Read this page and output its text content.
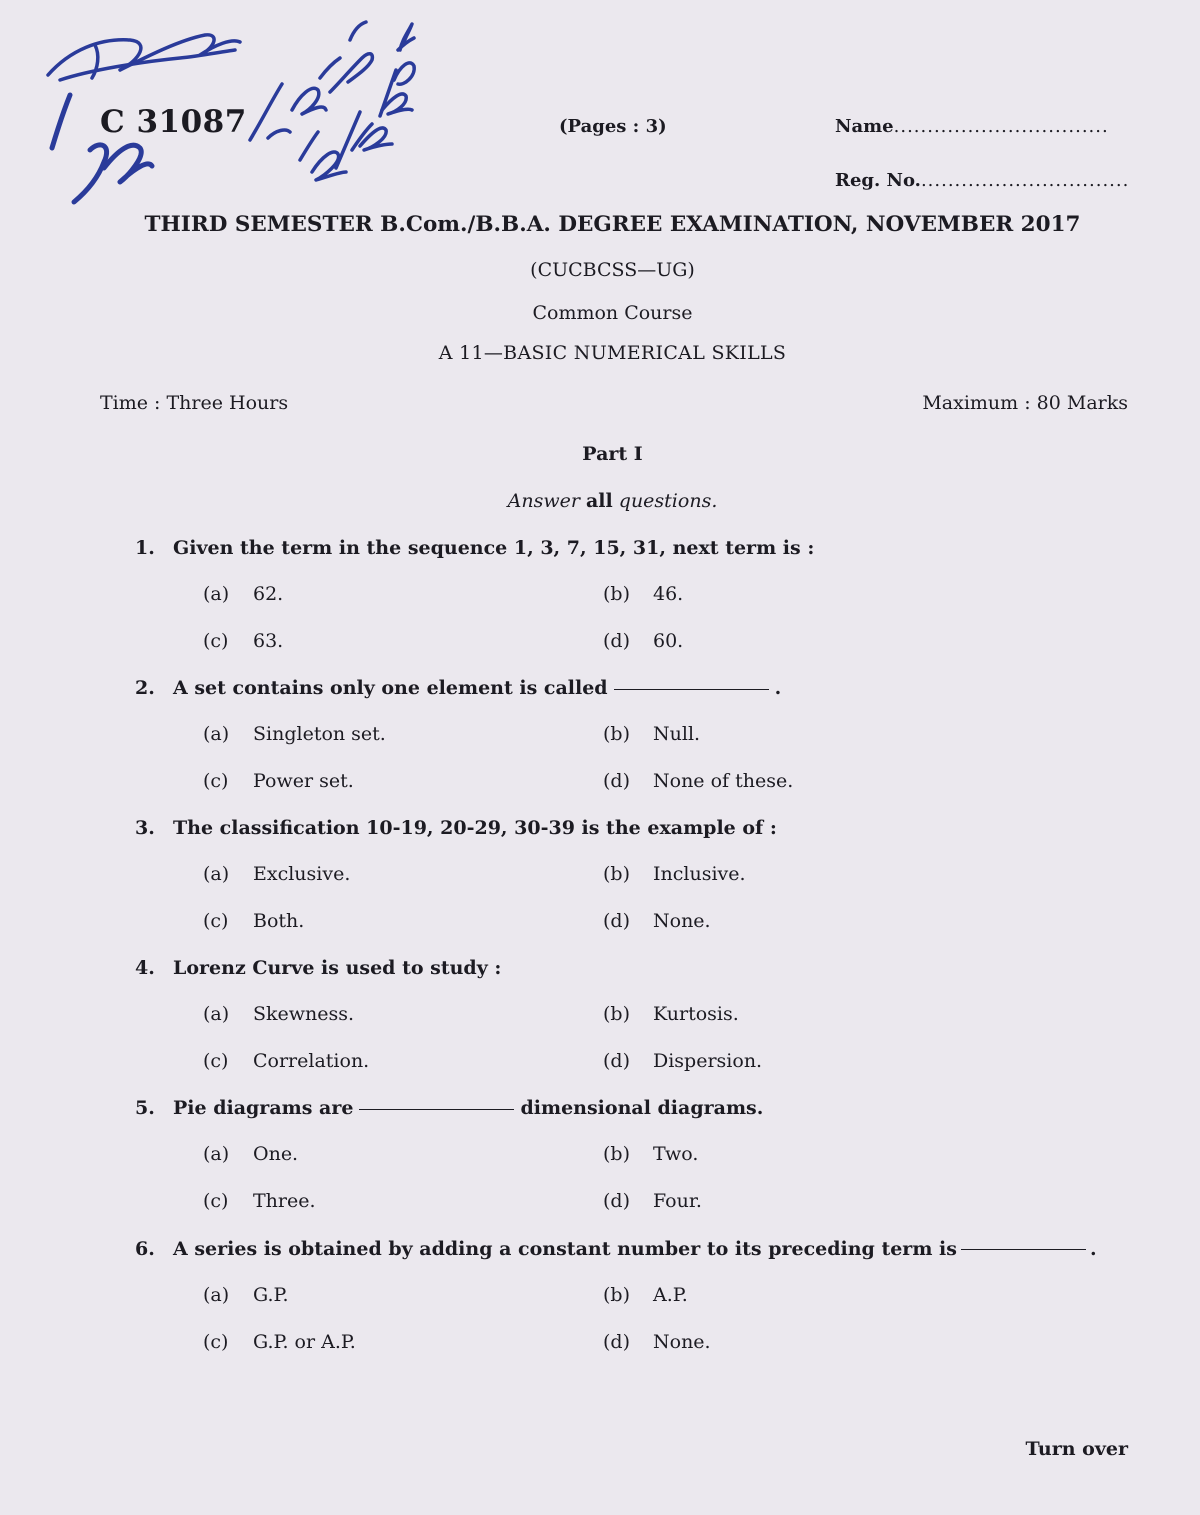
C 31087	(Pages : 3)	Name................................
Reg. No................................
THIRD SEMESTER B.Com./B.B.A. DEGREE EXAMINATION, NOVEMBER 2017
(CUCBCSS—UG)
Common Course
A 11—BASIC NUMERICAL SKILLS
Time : Three Hours	Maximum : 80 Marks
Part I
Answer all questions.
1. Given the term in the sequence 1, 3, 7, 15, 31, next term is :
(a) 62.	(b) 46.
(c) 63.	(d) 60.
2. A set contains only one element is called	.
(a) Singleton set.	(b) Null.
(c) Power set.	(d) None of these.
3. The classification 10-19, 20-29, 30-39 is the example of :
(a) Exclusive.	(b) Inclusive.
(c) Both.	(d) None.
4. Lorenz Curve is used to study :
(a) Skewness.	(b) Kurtosis.
(c) Correlation.	(d) Dispersion.
5. Pie diagrams are	dimensional diagrams.
(a) One.	(b) Two.
(c) Three.	(d) Four.
6. A series is obtained by adding a constant number to its preceding term is	.
(a) G.P.	(b) A.P.
(c) G.P. or A.P.	(d) None.
Turn over
